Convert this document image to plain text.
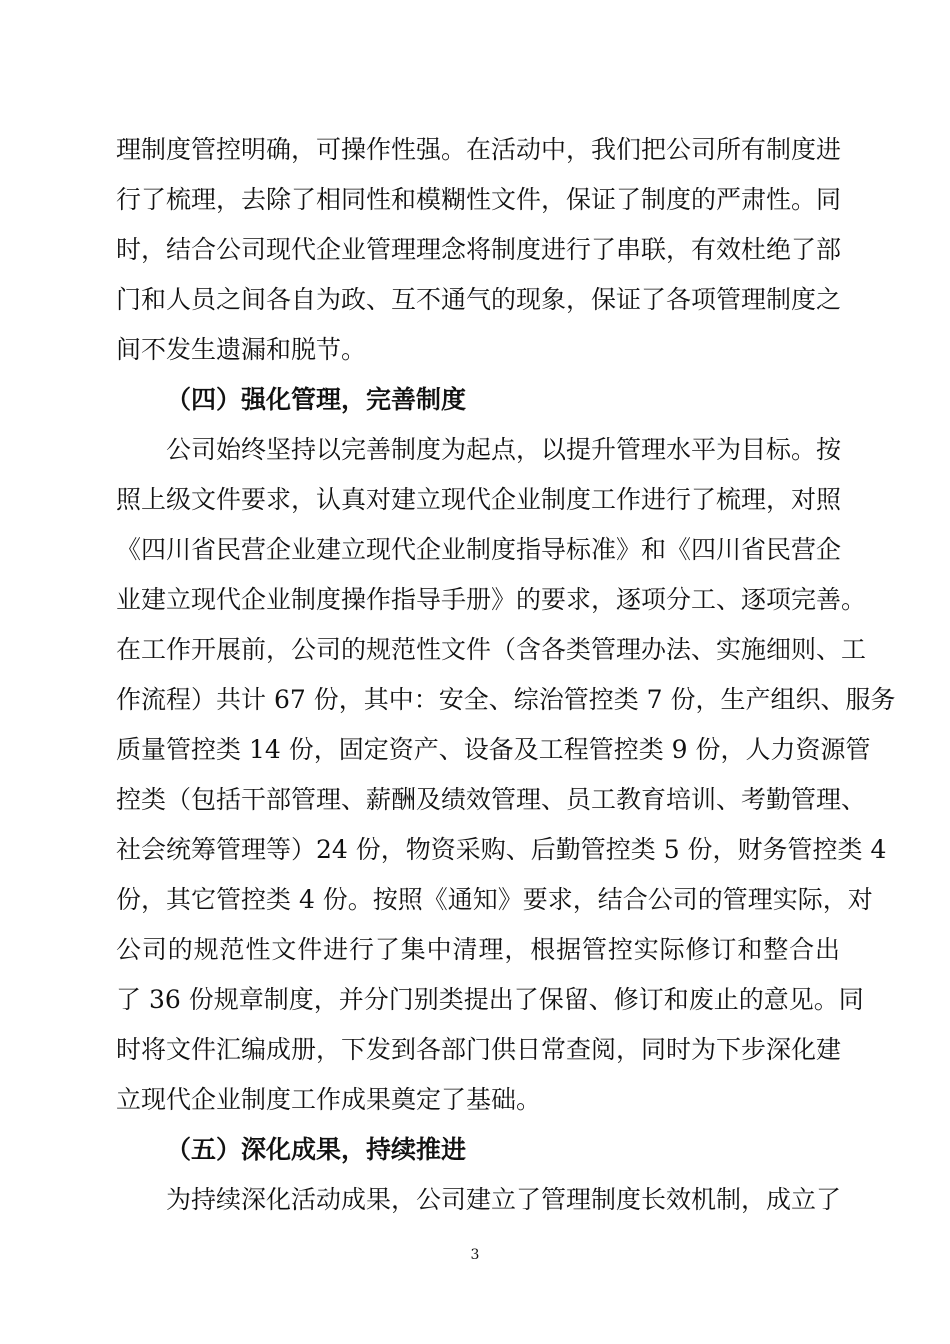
理制度管控明确，可操作性强。在活动中，我们把公司所有制度进
行了梳理，去除了相同性和模糊性文件，保证了制度的严肃性。同
时，结合公司现代企业管理理念将制度进行了串联，有效杜绝了部
门和人员之间各自为政、互不通气的现象，保证了各项管理制度之
间不发生遗漏和脱节。
（四）强化管理，完善制度
公司始终坚持以完善制度为起点，以提升管理水平为目标。按
照上级文件要求，认真对建立现代企业制度工作进行了梳理，对照
《四川省民营企业建立现代企业制度指导标准》和《四川省民营企
业建立现代企业制度操作指导手册》的要求，逐项分工、逐项完善。
在工作开展前，公司的规范性文件（含各类管理办法、实施细则、工
作流程）共计 67 份，其中：安全、综治管控类 7 份，生产组织、服务
质量管控类 14 份，固定资产、设备及工程管控类 9 份，人力资源管
控类（包括干部管理、薪酬及绩效管理、员工教育培训、考勤管理、
社会统筹管理等）24 份，物资采购、后勤管控类 5 份，财务管控类 4
份，其它管控类 4 份。按照《通知》要求，结合公司的管理实际，对
公司的规范性文件进行了集中清理，根据管控实际修订和整合出
了 36 份规章制度，并分门别类提出了保留、修订和废止的意见。同
时将文件汇编成册，下发到各部门供日常查阅，同时为下步深化建
立现代企业制度工作成果奠定了基础。
（五）深化成果，持续推进
为持续深化活动成果，公司建立了管理制度长效机制，成立了
3
